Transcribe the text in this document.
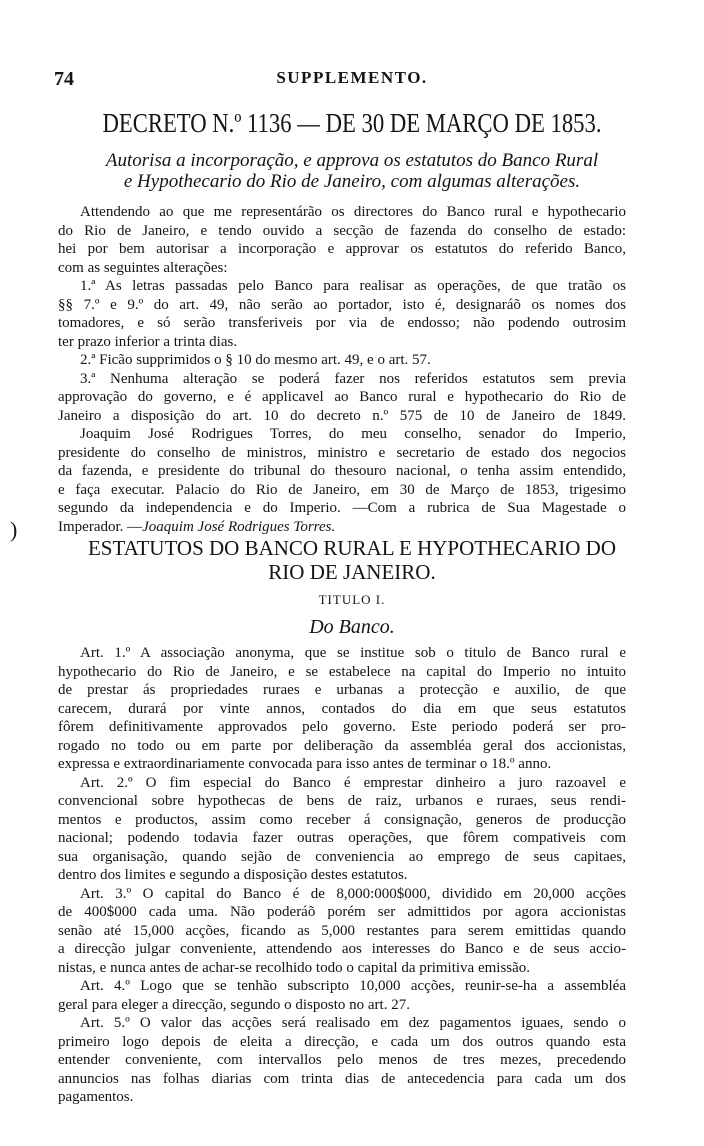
74	SUPPLEMENTO.
DECRETO N.º 1136 — DE 30 DE MARÇO DE 1853.
Autorisa a incorporação, e approva os estatutos do Banco Rural
e Hypothecario do Rio de Janeiro, com algumas alterações.
Attendendo ao que me representárão os directores do Banco rural e hypothecario
do Rio de Janeiro, e tendo ouvido a secção de fazenda do conselho de estado:
hei por bem autorisar a incorporação e approvar os estatutos do referido Banco,
com as seguintes alterações:
1.ª As letras passadas pelo Banco para realisar as operações, de que tratão os
§§ 7.º e 9.º do art. 49, não serão ao portador, isto é, designaráõ os nomes dos
tomadores, e só serão transferiveis por via de endosso; não podendo outrosim
ter prazo inferior a trinta dias.
2.ª Ficão supprimidos o § 10 do mesmo art. 49, e o art. 57.
3.ª Nenhuma alteração se poderá fazer nos referidos estatutos sem previa
approvação do governo, e é applicavel ao Banco rural e hypothecario do Rio de
Janeiro a disposição do art. 10 do decreto n.º 575 de 10 de Janeiro de 1849.
Joaquim José Rodrigues Torres, do meu conselho, senador do Imperio,
presidente do conselho de ministros, ministro e secretario de estado dos negocios
da fazenda, e presidente do tribunal do thesouro nacional, o tenha assim entendido,
e faça executar. Palacio do Rio de Janeiro, em 30 de Março de 1853, trigesimo
segundo da independencia e do Imperio. —Com a rubrica de Sua Magestade o
Imperador. —Joaquim José Rodrigues Torres.
)
ESTATUTOS DO BANCO RURAL E HYPOTHECARIO DO
RIO DE JANEIRO.
TITULO I.
Do Banco.
Art. 1.º A associação anonyma, que se institue sob o titulo de Banco rural e
hypothecario do Rio de Janeiro, e se estabelece na capital do Imperio no intuito
de prestar ás propriedades ruraes e urbanas a protecção e auxilio, de que
carecem, durará por vinte annos, contados do dia em que seus estatutos
fôrem definitivamente approvados pelo governo. Este periodo poderá ser pro-
rogado no todo ou em parte por deliberação da assembléa geral dos accionistas,
expressa e extraordinariamente convocada para isso antes de terminar o 18.º anno.
Art. 2.º O fim especial do Banco é emprestar dinheiro a juro razoavel e
convencional sobre hypothecas de bens de raiz, urbanos e ruraes, seus rendi-
mentos e productos, assim como receber á consignação, generos de producção
nacional; podendo todavia fazer outras operações, que fôrem compativeis com
sua organisação, quando sejão de conveniencia ao emprego de seus capitaes,
dentro dos limites e segundo a disposição destes estatutos.
Art. 3.º O capital do Banco é de 8,000:000$000, dividido em 20,000 acções
de 400$000 cada uma. Não poderáõ porém ser admittidos por agora accionistas
senão até 15,000 acções, ficando as 5,000 restantes para serem emittidas quando
a direcção julgar conveniente, attendendo aos interesses do Banco e de seus accio-
nistas, e nunca antes de achar-se recolhido todo o capital da primitiva emissão.
Art. 4.º Logo que se tenhão subscripto 10,000 acções, reunir-se-ha a assembléa
geral para eleger a direcção, segundo o disposto no art. 27.
Art. 5.º O valor das acções será realisado em dez pagamentos iguaes, sendo o
primeiro logo depois de eleita a direcção, e cada um dos outros quando esta
entender conveniente, com intervallos pelo menos de tres mezes, precedendo
annuncios nas folhas diarias com trinta dias de antecedencia para cada um dos
pagamentos.
